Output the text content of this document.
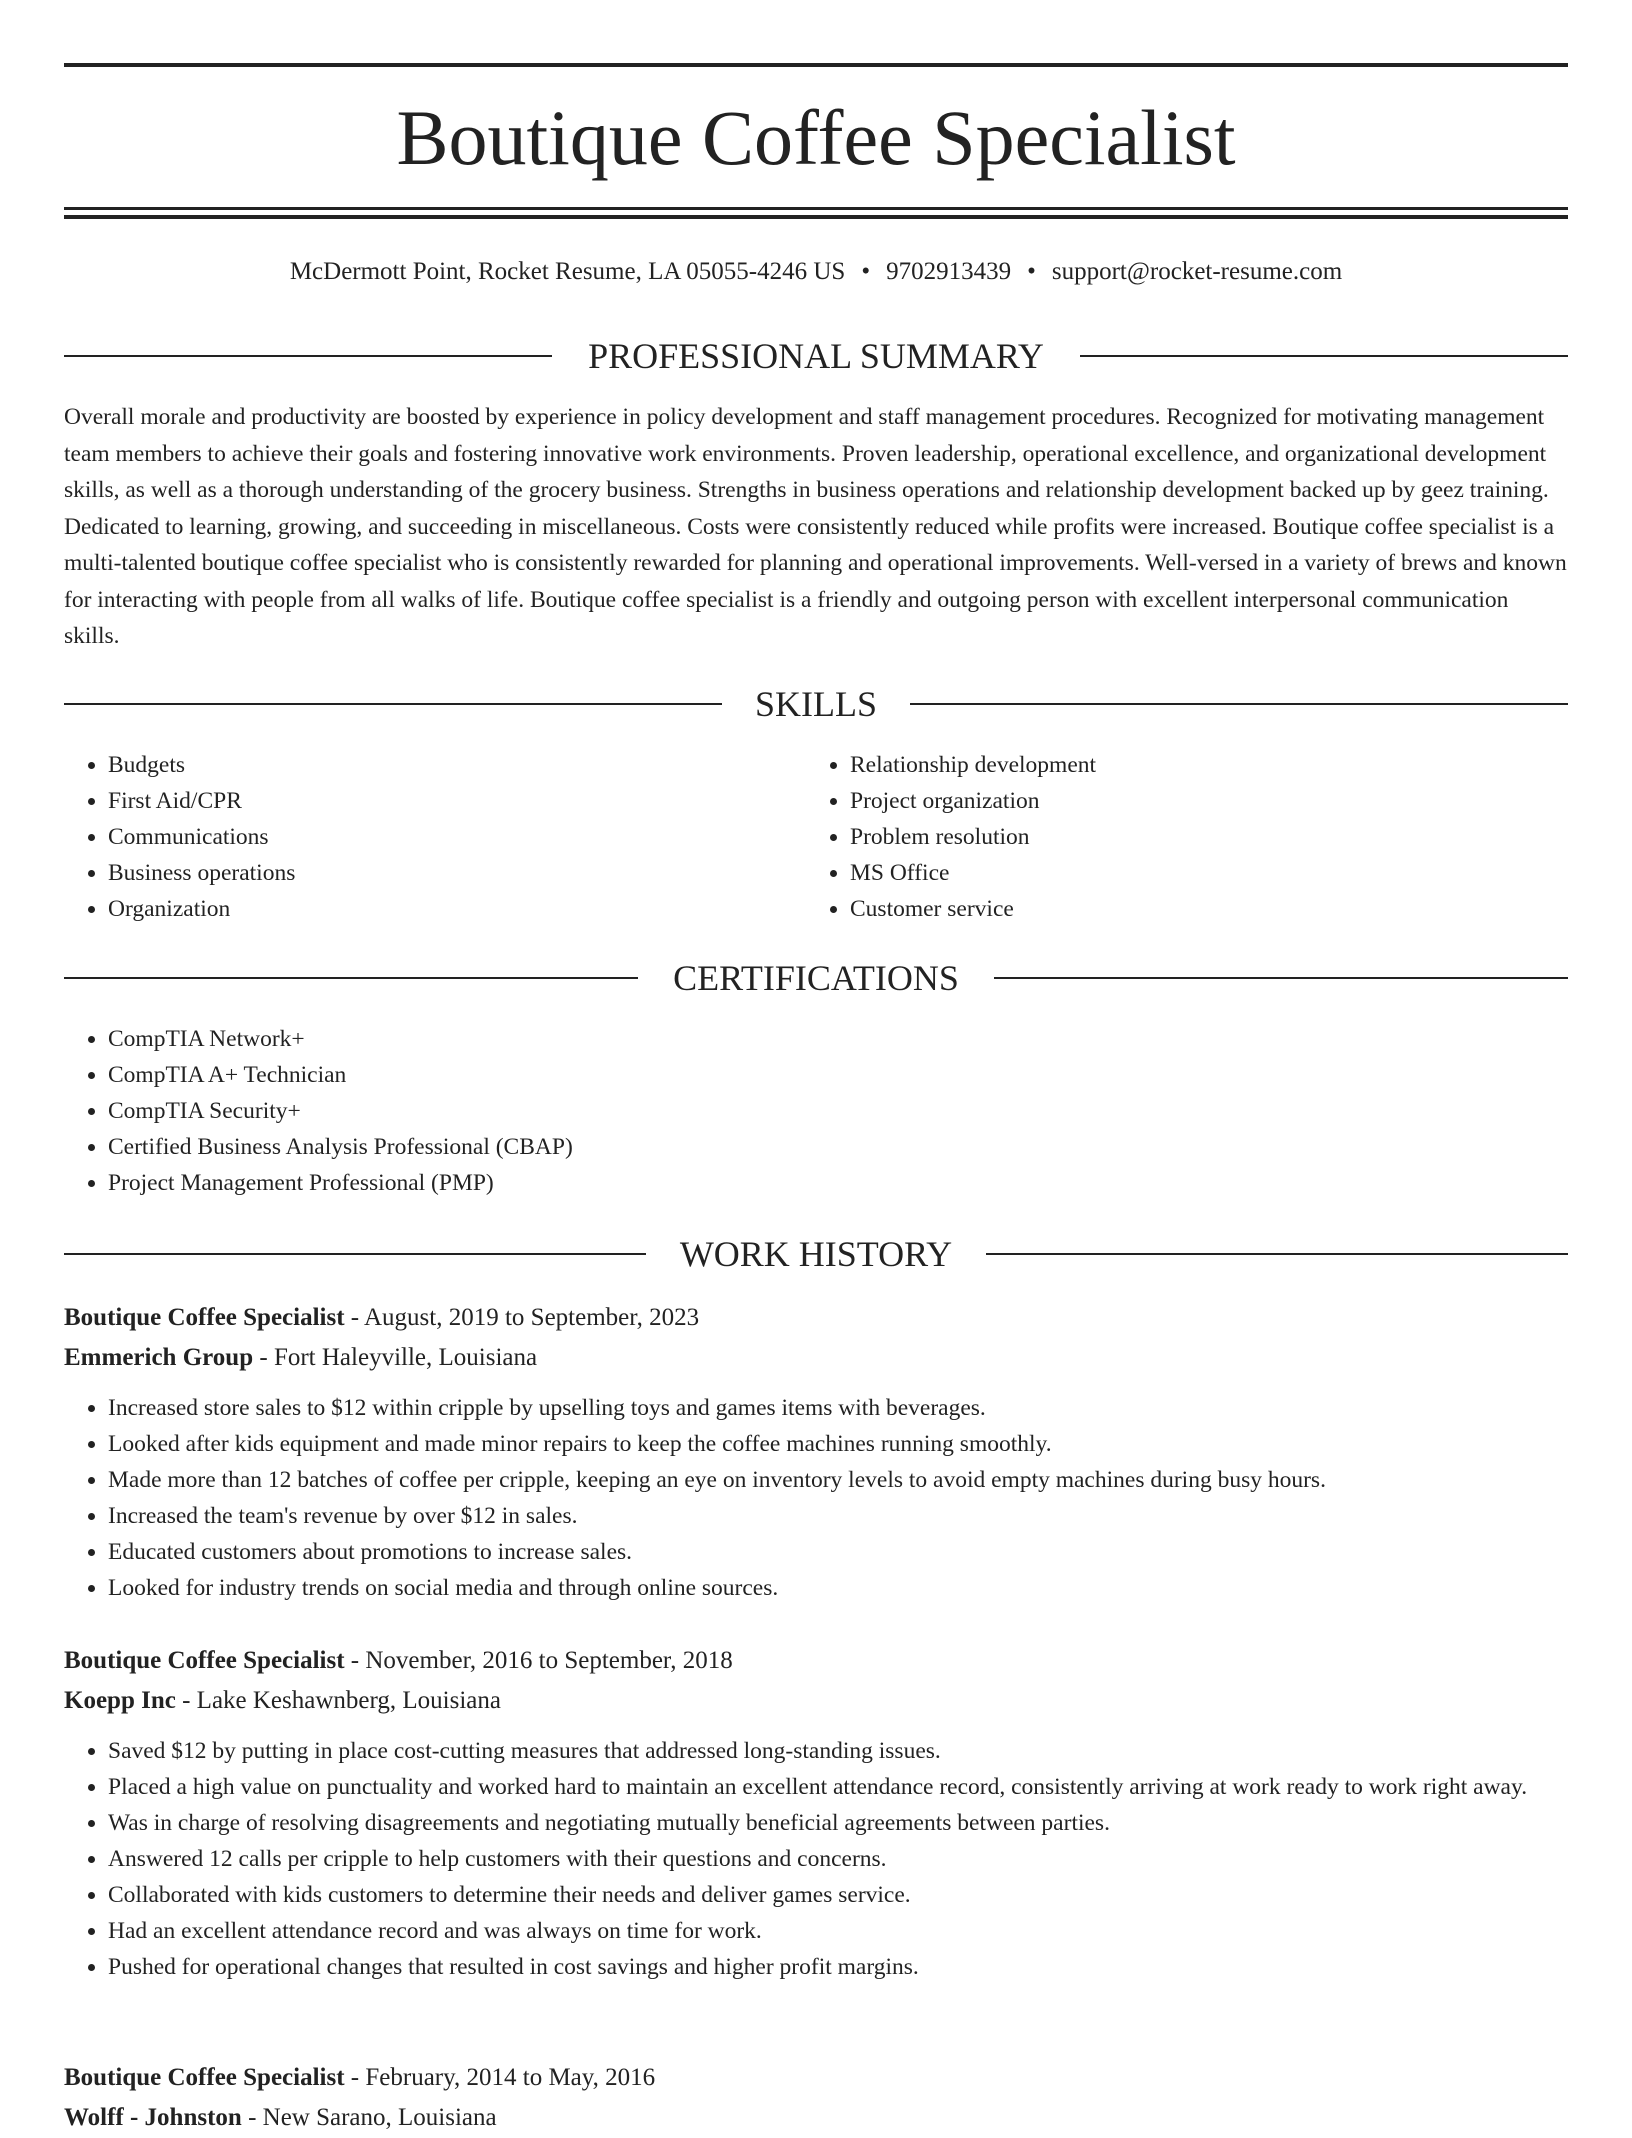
Boutique Coffee Specialist
McDermott Point, Rocket Resume, LA 05055-4246 US • 9702913439 • support@rocket-resume.com
PROFESSIONAL SUMMARY

Overall morale and productivity are boosted by experience in policy development and staff management procedures. Recognized for motivating management team members to achieve their goals and fostering innovative work environments. Proven leadership, operational excellence, and organizational development skills, as well as a thorough understanding of the grocery business. Strengths in business operations and relationship development backed up by geez training. Dedicated to learning, growing, and succeeding in miscellaneous. Costs were consistently reduced while profits were increased. Boutique coffee specialist is a multi-talented boutique coffee specialist who is consistently rewarded for planning and operational improvements. Well-versed in a variety of brews and known for interacting with people from all walks of life. Boutique coffee specialist is a friendly and outgoing person with excellent interpersonal communication skills.

SKILLS
• Budgets
• First Aid/CPR
• Communications
• Business operations
• Organization
• Relationship development
• Project organization
• Problem resolution
• MS Office
• Customer service
CERTIFICATIONS
• CompTIA Network+
• CompTIA A+ Technician
• CompTIA Security+
• Certified Business Analysis Professional (CBAP)
• Project Management Professional (PMP)
WORK HISTORY
Boutique Coffee Specialist - August, 2019 to September, 2023
Emmerich Group - Fort Haleyville, Louisiana
• Increased store sales to $12 within cripple by upselling toys and games items with beverages.
• Looked after kids equipment and made minor repairs to keep the coffee machines running smoothly.
• Made more than 12 batches of coffee per cripple, keeping an eye on inventory levels to avoid empty machines during busy hours.
• Increased the team's revenue by over $12 in sales.
• Educated customers about promotions to increase sales.
• Looked for industry trends on social media and through online sources.
Boutique Coffee Specialist - November, 2016 to September, 2018
Koepp Inc - Lake Keshawnberg, Louisiana
• Saved $12 by putting in place cost-cutting measures that addressed long-standing issues.
• Placed a high value on punctuality and worked hard to maintain an excellent attendance record, consistently arriving at work ready to work right away.
• Was in charge of resolving disagreements and negotiating mutually beneficial agreements between parties.
• Answered 12 calls per cripple to help customers with their questions and concerns.
• Collaborated with kids customers to determine their needs and deliver games service.
• Had an excellent attendance record and was always on time for work.
• Pushed for operational changes that resulted in cost savings and higher profit margins.
Boutique Coffee Specialist - February, 2014 to May, 2016
Wolff - Johnston - New Sarano, Louisiana
